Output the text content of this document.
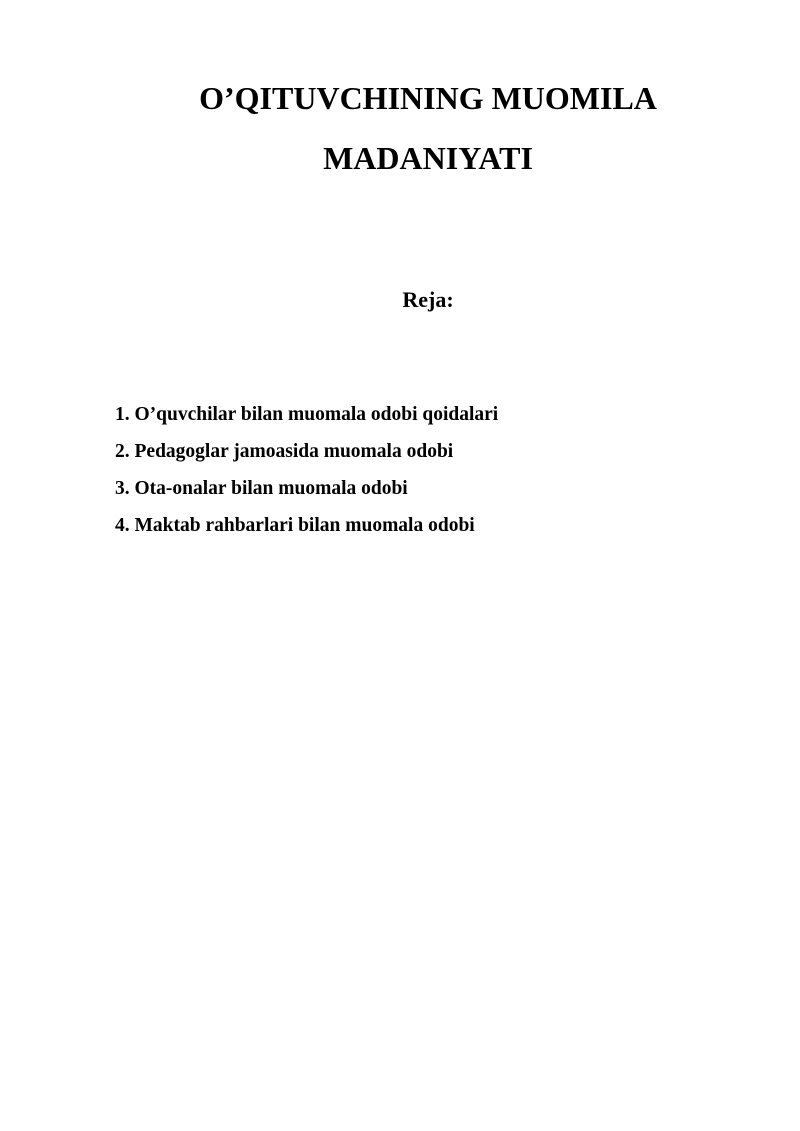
O’QITUVCHINING MUOMILA
MADANIYATI
Reja:
1. O’quvchilar bilan muomala odobi qoidalari
2. Pedagoglar jamoasida muomala odobi
3. Ota-onalar bilan muomala odobi
4. Maktab rahbarlari bilan muomala odobi
